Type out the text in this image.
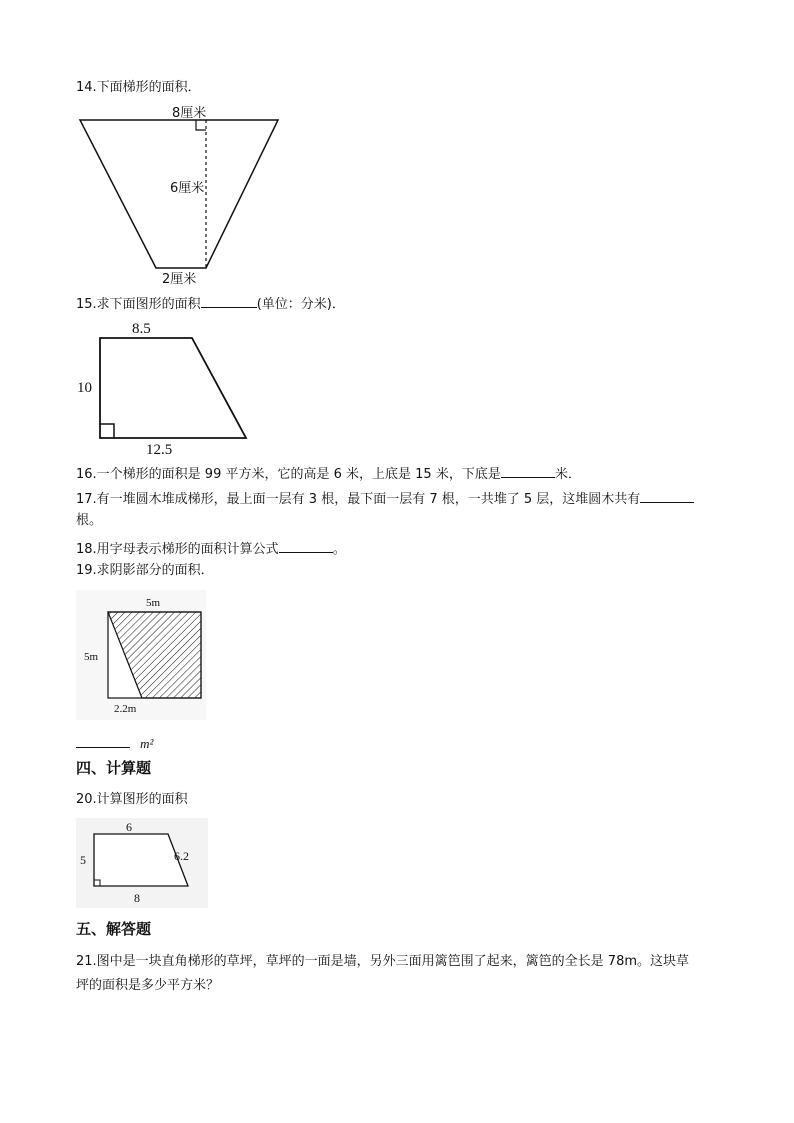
14.下面梯形的面积．
8厘米
6厘米
2厘米
15.求下面图形的面积	(单位：分米)．
8.5
10
12.5
16.一个梯形的面积是 99 平方米，它的高是 6 米，上底是 15 米，下底是	米．
17.有一堆圆木堆成梯形，最上面一层有 3 根，最下面一层有 7 根，一共堆了 5 层，这堆圆木共有
根。
18.用字母表示梯形的面积计算公式	。
19.求阴影部分的面积．
5m
5m
2.2m
m²
四、计算题
20.计算图形的面积
6
5	6.2
8
五、解答题
21.图中是一块直角梯形的草坪，草坪的一面是墙，另外三面用篱笆围了起来，篱笆的全长是 78m。这块草
坪的面积是多少平方米？
